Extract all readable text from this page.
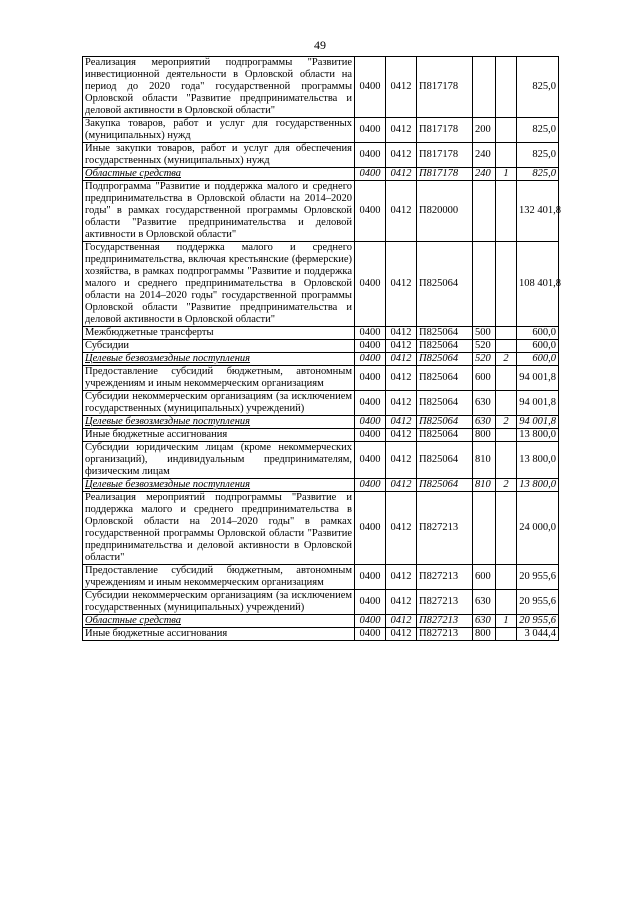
49
Реализация мероприятий подпрограммы "Развитие инвестиционной деятельности в Орловской области на период до 2020 года" государственной программы Орловской области "Развитие предпринимательства и деловой активности в Орловской области"	0400	0412	П817178			825,0
Закупка товаров, работ и услуг для государственных (муниципальных) нужд	0400	0412	П817178	200		825,0
Иные закупки товаров, работ и услуг для обеспечения государственных (муниципальных) нужд	0400	0412	П817178	240		825,0
Областные средства	0400	0412	П817178	240	1	825,0
Подпрограмма "Развитие и поддержка малого и среднего предпринимательства в Орловской области на 2014–2020 годы" в рамках государственной программы Орловской области "Развитие предпринимательства и деловой активности в Орловской области"	0400	0412	П820000			132 401,8
Государственная поддержка малого и среднего предпринимательства, включая крестьянские (фермерские) хозяйства, в рамках подпрограммы "Развитие и поддержка малого и среднего предпринимательства в Орловской области на 2014–2020 годы" государственной программы Орловской области "Развитие предпринимательства и деловой активности в Орловской области"	0400	0412	П825064			108 401,8
Межбюджетные трансферты	0400	0412	П825064	500		600,0
Субсидии	0400	0412	П825064	520		600,0
Целевые безвозмездные поступления	0400	0412	П825064	520	2	600,0
Предоставление субсидий бюджетным, автономным учреждениям и иным некоммерческим организациям	0400	0412	П825064	600		94 001,8
Субсидии некоммерческим организациям (за исключением государственных (муниципальных) учреждений)	0400	0412	П825064	630		94 001,8
Целевые безвозмездные поступления	0400	0412	П825064	630	2	94 001,8
Иные бюджетные ассигнования	0400	0412	П825064	800		13 800,0
Субсидии юридическим лицам (кроме некоммерческих организаций), индивидуальным предпринимателям, физическим лицам	0400	0412	П825064	810		13 800,0
Целевые безвозмездные поступления	0400	0412	П825064	810	2	13 800,0
Реализация мероприятий подпрограммы "Развитие и поддержка малого и среднего предпринимательства в Орловской области на 2014–2020 годы" в рамках государственной программы Орловской области "Развитие предпринимательства и деловой активности в Орловской области"	0400	0412	П827213			24 000,0
Предоставление субсидий бюджетным, автономным учреждениям и иным некоммерческим организациям	0400	0412	П827213	600		20 955,6
Субсидии некоммерческим организациям (за исключением государственных (муниципальных) учреждений)	0400	0412	П827213	630		20 955,6
Областные средства	0400	0412	П827213	630	1	20 955,6
Иные бюджетные ассигнования	0400	0412	П827213	800		3 044,4
